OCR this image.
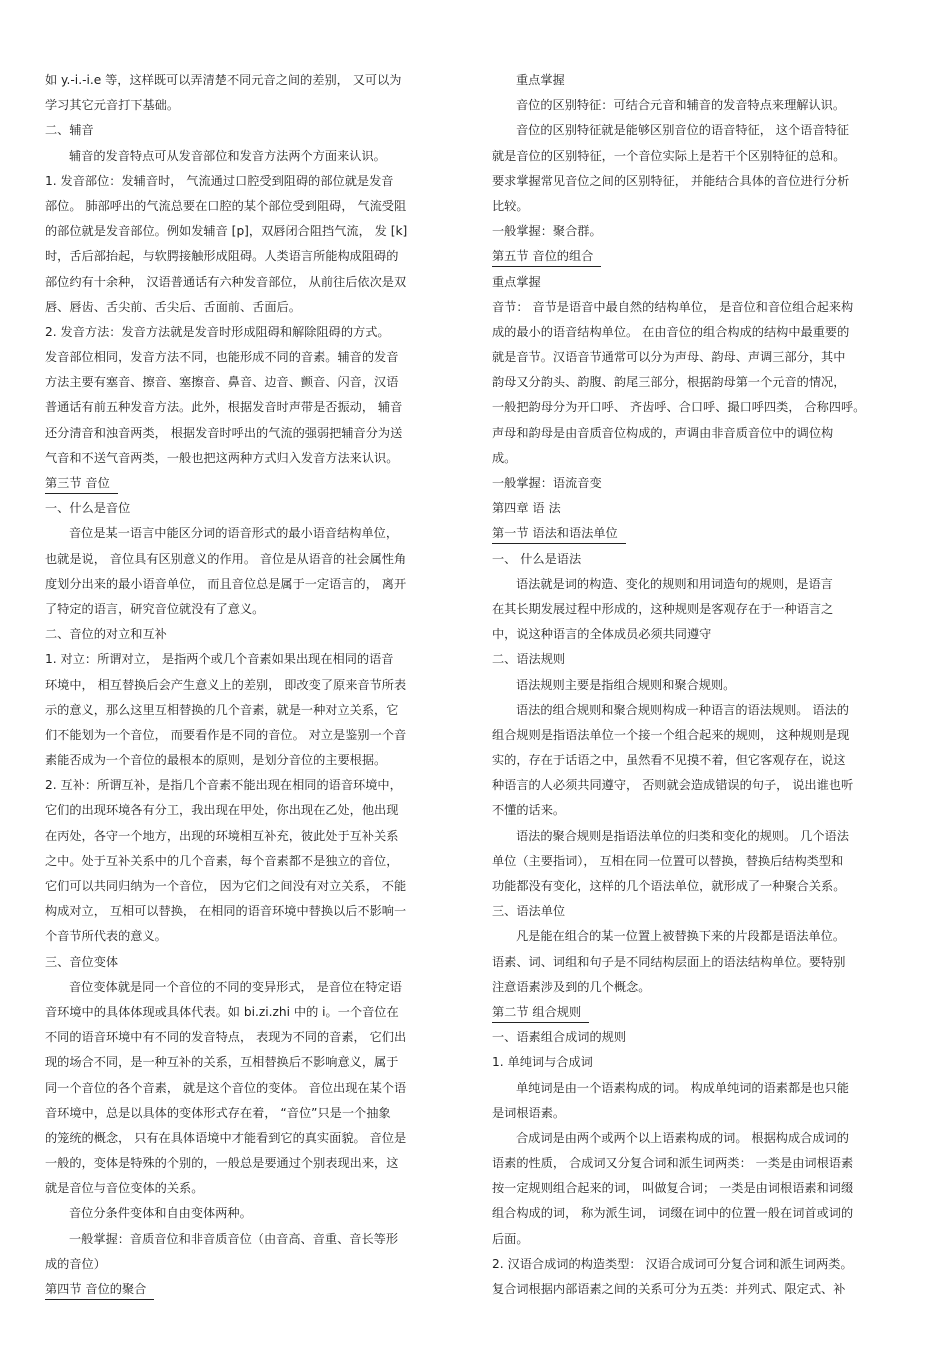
如 y.-i.-i.e 等，这样既可以弄清楚不同元音之间的差别， 又可以为
学习其它元音打下基础。
二、辅音
辅音的发音特点可从发音部位和发音方法两个方面来认识。
1. 发音部位：发辅音时， 气流通过口腔受到阻碍的部位就是发音
部位。 肺部呼出的气流总要在口腔的某个部位受到阻碍， 气流受阻
的部位就是发音部位。例如发辅音 [p]，双唇闭合阻挡气流， 发 [k]
时，舌后部抬起，与软腭接触形成阻碍。人类语言所能构成阻碍的
部位约有十余种， 汉语普通话有六种发音部位， 从前往后依次是双
唇、唇齿、舌尖前、舌尖后、舌面前、舌面后。
2. 发音方法：发音方法就是发音时形成阻碍和解除阻碍的方式。
发音部位相同，发音方法不同，也能形成不同的音素。辅音的发音
方法主要有塞音、擦音、塞擦音、鼻音、边音、颤音、闪音，汉语
普通话有前五种发音方法。此外，根据发音时声带是否振动， 辅音
还分清音和浊音两类， 根据发音时呼出的气流的强弱把辅音分为送
气音和不送气音两类，一般也把这两种方式归入发音方法来认识。
第三节 音位
一、什么是音位
音位是某一语言中能区分词的语音形式的最小语音结构单位，
也就是说， 音位具有区别意义的作用。 音位是从语音的社会属性角
度划分出来的最小语音单位， 而且音位总是属于一定语言的， 离开
了特定的语言，研究音位就没有了意义。
二、音位的对立和互补
1. 对立：所谓对立， 是指两个或几个音素如果出现在相同的语音
环境中， 相互替换后会产生意义上的差别， 即改变了原来音节所表
示的意义，那么这里互相替换的几个音素，就是一种对立关系，它
们不能划为一个音位， 而要看作是不同的音位。 对立是鉴别一个音
素能否成为一个音位的最根本的原则，是划分音位的主要根据。
2. 互补：所谓互补，是指几个音素不能出现在相同的语音环境中，
它们的出现环境各有分工，我出现在甲处，你出现在乙处，他出现
在丙处，各守一个地方，出现的环境相互补充，彼此处于互补关系
之中。处于互补关系中的几个音素，每个音素都不是独立的音位，
它们可以共同归纳为一个音位， 因为它们之间没有对立关系， 不能
构成对立， 互相可以替换， 在相同的语音环境中替换以后不影响一
个音节所代表的意义。
三、音位变体
音位变体就是同一个音位的不同的变异形式， 是音位在特定语
音环境中的具体体现或具体代表。如 bi.zi.zhi 中的 i。一个音位在
不同的语音环境中有不同的发音特点， 表现为不同的音素， 它们出
现的场合不同，是一种互补的关系，互相替换后不影响意义，属于
同一个音位的各个音素， 就是这个音位的变体。 音位出现在某个语
音环境中，总是以具体的变体形式存在着， “音位”只是一个抽象
的笼统的概念， 只有在具体语境中才能看到它的真实面貌。 音位是
一般的，变体是特殊的个别的，一般总是要通过个别表现出来，这
就是音位与音位变体的关系。
音位分条件变体和自由变体两种。
一般掌握：音质音位和非音质音位（由音高、音重、音长等形
成的音位）
第四节 音位的聚合
重点掌握
音位的区别特征：可结合元音和辅音的发音特点来理解认识。
音位的区别特征就是能够区别音位的语音特征， 这个语音特征
就是音位的区别特征，一个音位实际上是若干个区别特征的总和。
要求掌握常见音位之间的区别特征， 并能结合具体的音位进行分析
比较。
一般掌握：聚合群。
第五节 音位的组合
重点掌握
音节： 音节是语音中最自然的结构单位， 是音位和音位组合起来构
成的最小的语音结构单位。 在由音位的组合构成的结构中最重要的
就是音节。汉语音节通常可以分为声母、韵母、声调三部分，其中
韵母又分韵头、韵腹、韵尾三部分，根据韵母第一个元音的情况，
一般把韵母分为开口呼、 齐齿呼、合口呼、撮口呼四类， 合称四呼。
声母和韵母是由音质音位构成的，声调由非音质音位中的调位构
成。
一般掌握：语流音变
第四章 语 法
第一节 语法和语法单位
一、 什么是语法
语法就是词的构造、变化的规则和用词造句的规则，是语言
在其长期发展过程中形成的，这种规则是客观存在于一种语言之
中，说这种语言的全体成员必须共同遵守
二、语法规则
语法规则主要是指组合规则和聚合规则。
语法的组合规则和聚合规则构成一种语言的语法规则。 语法的
组合规则是指语法单位一个接一个组合起来的规则， 这种规则是现
实的，存在于话语之中，虽然看不见摸不着，但它客观存在，说这
种语言的人必须共同遵守， 否则就会造成错误的句子， 说出谁也听
不懂的话来。
语法的聚合规则是指语法单位的归类和变化的规则。 几个语法
单位（主要指词）， 互相在同一位置可以替换，替换后结构类型和
功能都没有变化，这样的几个语法单位，就形成了一种聚合关系。
三、语法单位
凡是能在组合的某一位置上被替换下来的片段都是语法单位。
语素、词、词组和句子是不同结构层面上的语法结构单位。要特别
注意语素涉及到的几个概念。
第二节 组合规则
一、语素组合成词的规则
1. 单纯词与合成词
单纯词是由一个语素构成的词。 构成单纯词的语素都是也只能
是词根语素。
合成词是由两个或两个以上语素构成的词。 根据构成合成词的
语素的性质， 合成词又分复合词和派生词两类： 一类是由词根语素
按一定规则组合起来的词， 叫做复合词； 一类是由词根语素和词缀
组合构成的词， 称为派生词， 词缀在词中的位置一般在词首或词的
后面。
2. 汉语合成词的构造类型： 汉语合成词可分复合词和派生词两类。
复合词根据内部语素之间的关系可分为五类：并列式、限定式、补
